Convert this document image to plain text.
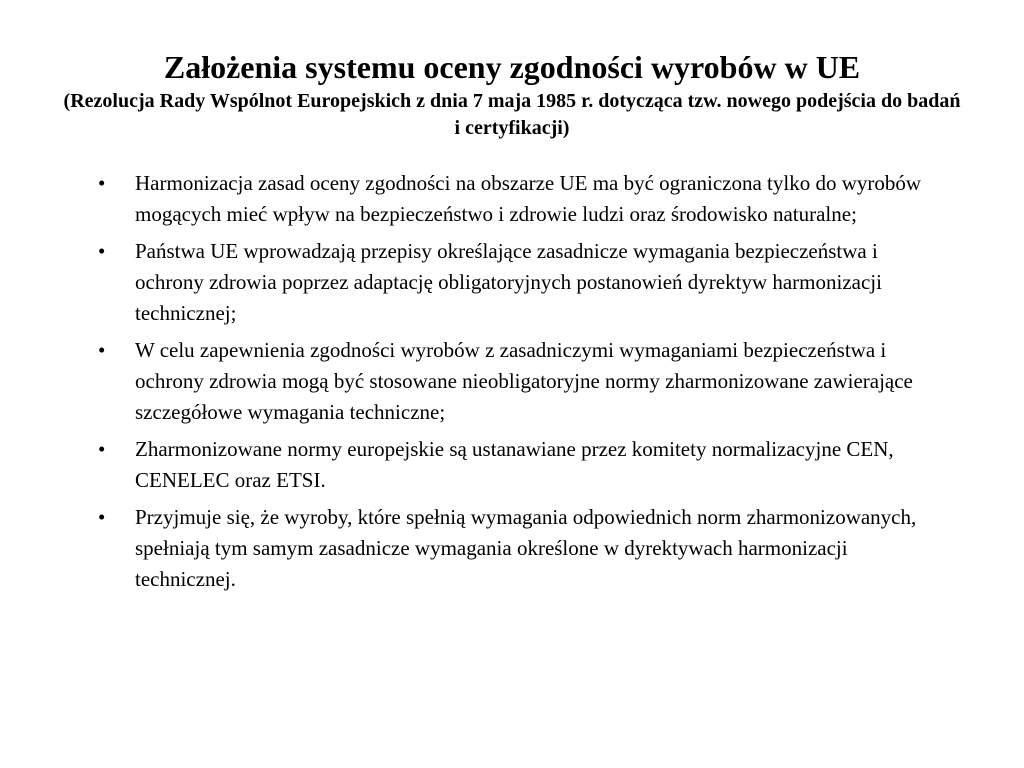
Założenia systemu oceny zgodności wyrobów w UE

(Rezolucja Rady Wspólnot Europejskich z dnia 7 maja 1985 r. dotycząca tzw. nowego podejścia do badań i certyfikacji)

•	Harmonizacja zasad oceny zgodności na obszarze UE ma być ograniczona tylko do wyrobów mogących mieć wpływ na bezpieczeństwo i zdrowie ludzi oraz środowisko naturalne;
•	Państwa UE wprowadzają przepisy określające zasadnicze wymagania bezpieczeństwa i ochrony zdrowia poprzez adaptację obligatoryjnych postanowień dyrektyw harmonizacji technicznej;
•	W celu zapewnienia zgodności wyrobów z zasadniczymi wymaganiami bezpieczeństwa i ochrony zdrowia mogą być stosowane nieobligatoryjne normy zharmonizowane zawierające szczegółowe wymagania techniczne;
•	Zharmonizowane normy europejskie są ustanawiane przez komitety normalizacyjne CEN, CENELEC oraz ETSI.
•	Przyjmuje się, że wyroby, które spełnią wymagania odpowiednich norm zharmonizowanych, spełniają tym samym zasadnicze wymagania określone w dyrektywach harmonizacji technicznej.
